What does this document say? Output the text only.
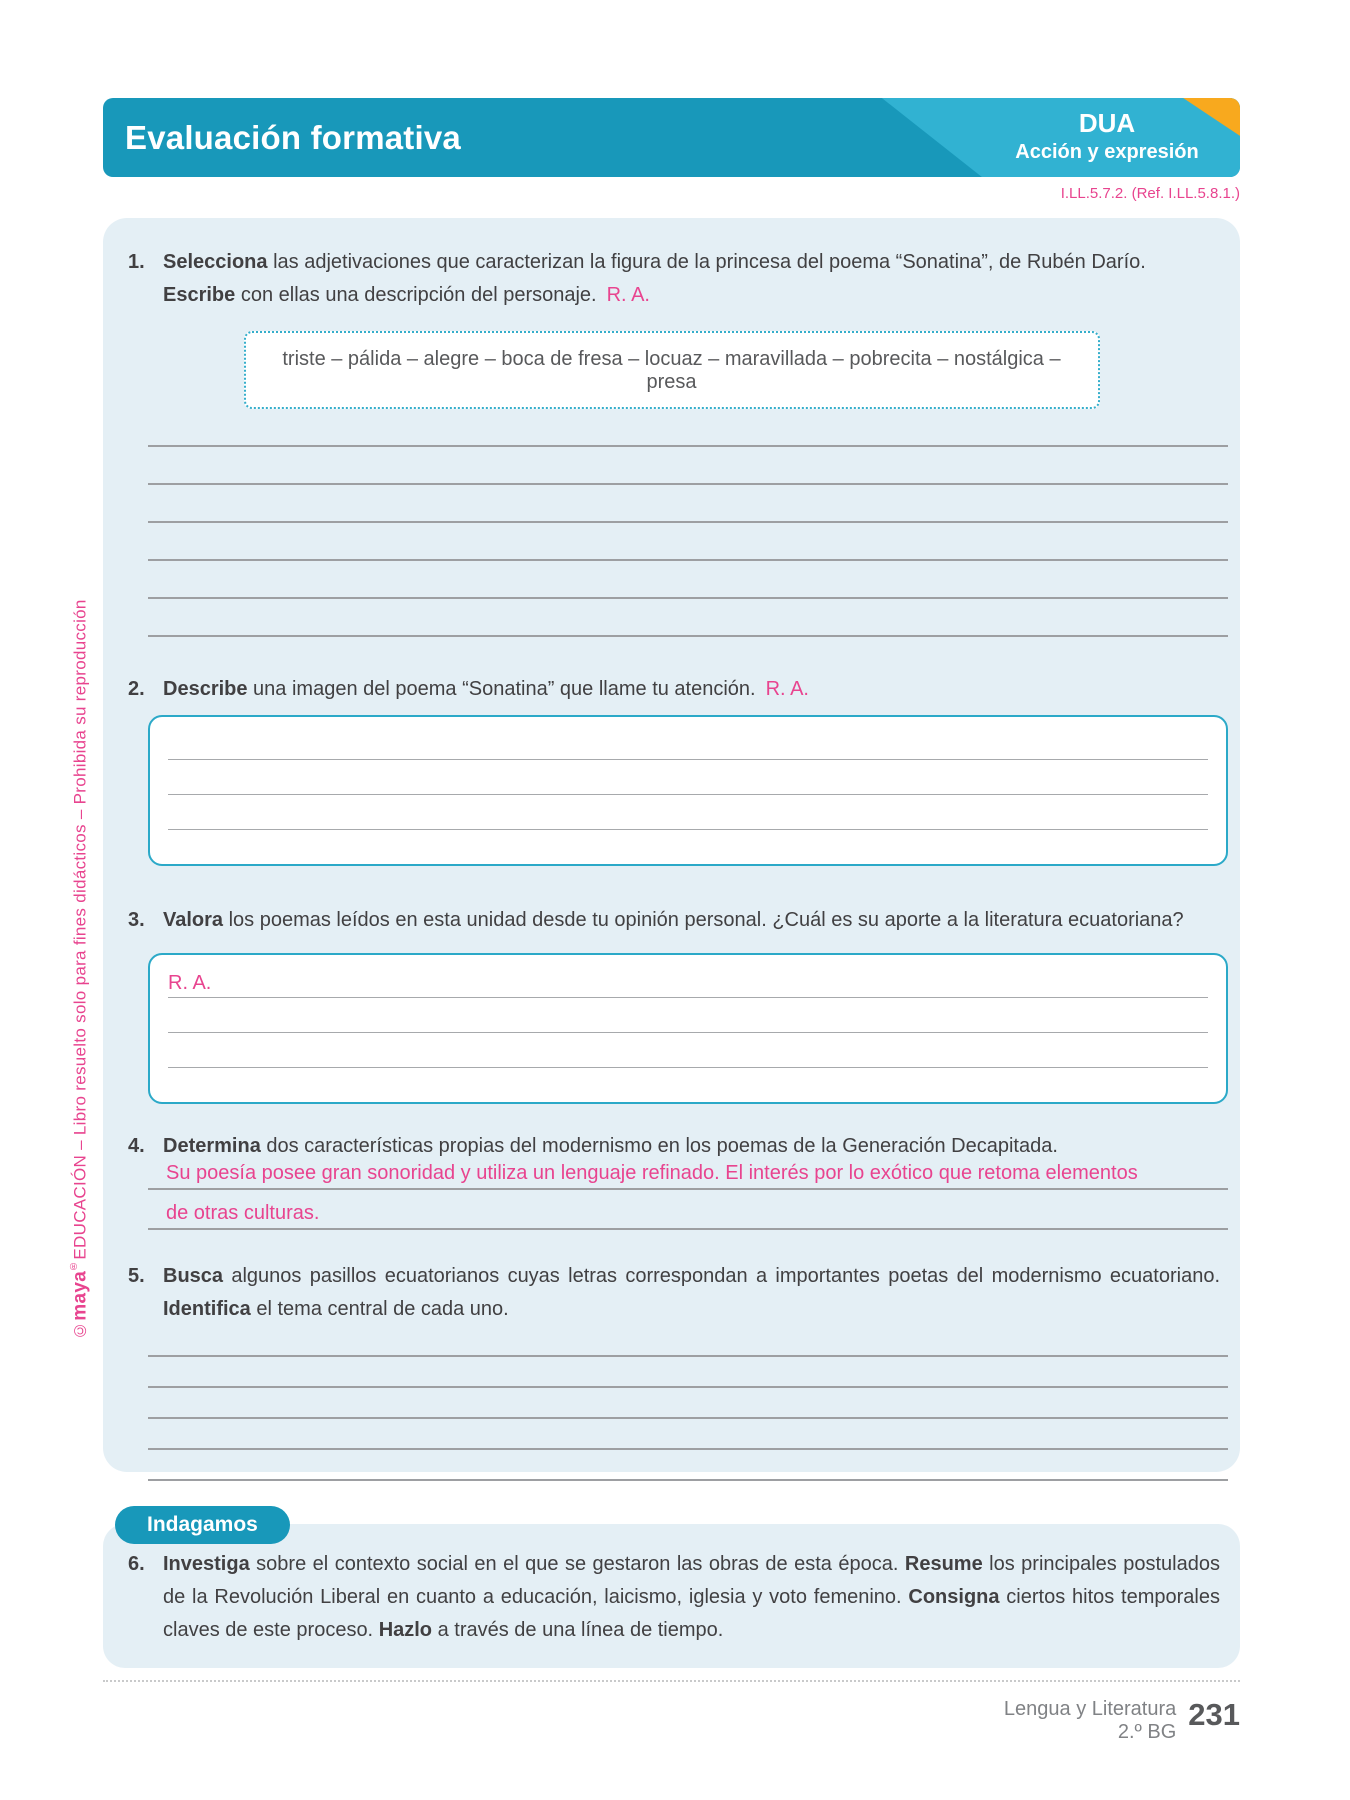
©maya®EDUCACIÓN – Libro resuelto solo para fines didácticos – Prohibida su reproducción
Evaluación formativa	DUA
Acción y expresión
I.LL.5.7.2. (Ref. I.LL.5.8.1.)
1. Selecciona las adjetivaciones que caracterizan la figura de la princesa del poema “Sonatina”, de Rubén Darío.
Escribe con ellas una descripción del personaje. R. A.
triste – pálida – alegre – boca de fresa – locuaz – maravillada – pobrecita – nostálgica – presa
2. Describe una imagen del poema “Sonatina” que llame tu atención. R. A.
3. Valora los poemas leídos en esta unidad desde tu opinión personal. ¿Cuál es su aporte a la literatura ecuatoriana?
R. A.
4. Determina dos características propias del modernismo en los poemas de la Generación Decapitada.
Su poesía posee gran sonoridad y utiliza un lenguaje refinado. El interés por lo exótico que retoma elementos
de otras culturas.
5. Busca algunos pasillos ecuatorianos cuyas letras correspondan a importantes poetas del modernismo ecuatoriano. Identifica el tema central de cada uno.

Indagamos
6. Investiga sobre el contexto social en el que se gestaron las obras de esta época. Resume los principales postulados de la Revolución Liberal en cuanto a educación, laicismo, iglesia y voto femenino. Consigna ciertos hitos temporales claves de este proceso. Hazlo a través de una línea de tiempo.

Lengua y Literatura
2.º BG 231
